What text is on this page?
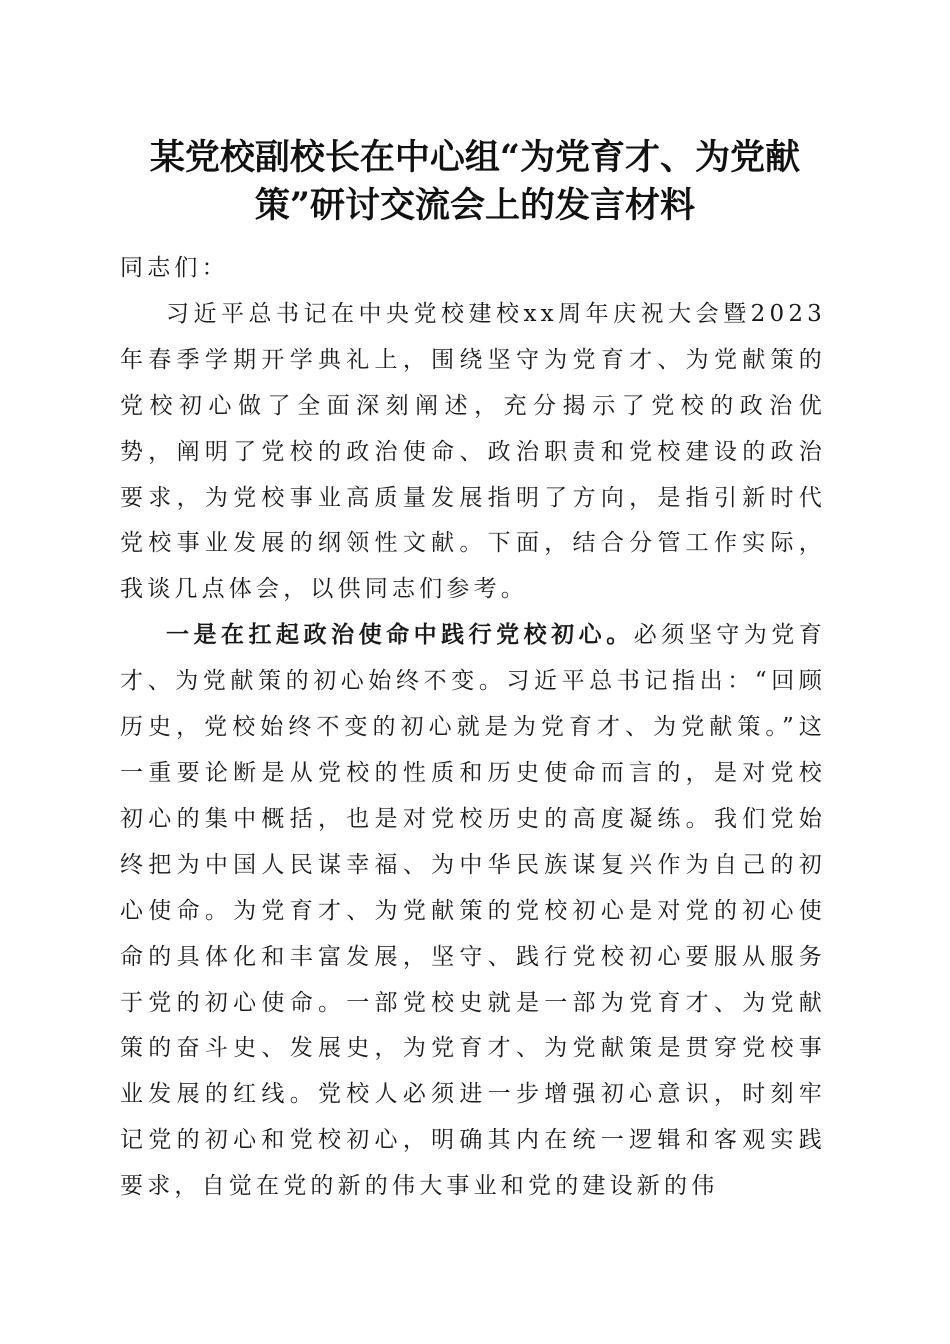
某党校副校长在中心组“为党育才、为党献
策”研讨交流会上的发言材料

同志们：

习近平总书记在中央党校建校xx周年庆祝大会暨2023年春季学期开学典礼上，围绕坚守为党育才、为党献策的党校初心做了全面深刻阐述，充分揭示了党校的政治优势，阐明了党校的政治使命、政治职责和党校建设的政治要求，为党校事业高质量发展指明了方向，是指引新时代党校事业发展的纲领性文献。下面，结合分管工作实际，我谈几点体会，以供同志们参考。

一是在扛起政治使命中践行党校初心。必须坚守为党育才、为党献策的初心始终不变。习近平总书记指出：“回顾历史，党校始终不变的初心就是为党育才、为党献策。”这一重要论断是从党校的性质和历史使命而言的，是对党校初心的集中概括，也是对党校历史的高度凝练。我们党始终把为中国人民谋幸福、为中华民族谋复兴作为自己的初心使命。为党育才、为党献策的党校初心是对党的初心使命的具体化和丰富发展，坚守、践行党校初心要服从服务于党的初心使命。一部党校史就是一部为党育才、为党献策的奋斗史、发展史，为党育才、为党献策是贯穿党校事业发展的红线。党校人必须进一步增强初心意识，时刻牢记党的初心和党校初心，明确其内在统一逻辑和客观实践要求，自觉在党的新的伟大事业和党的建设新的伟
